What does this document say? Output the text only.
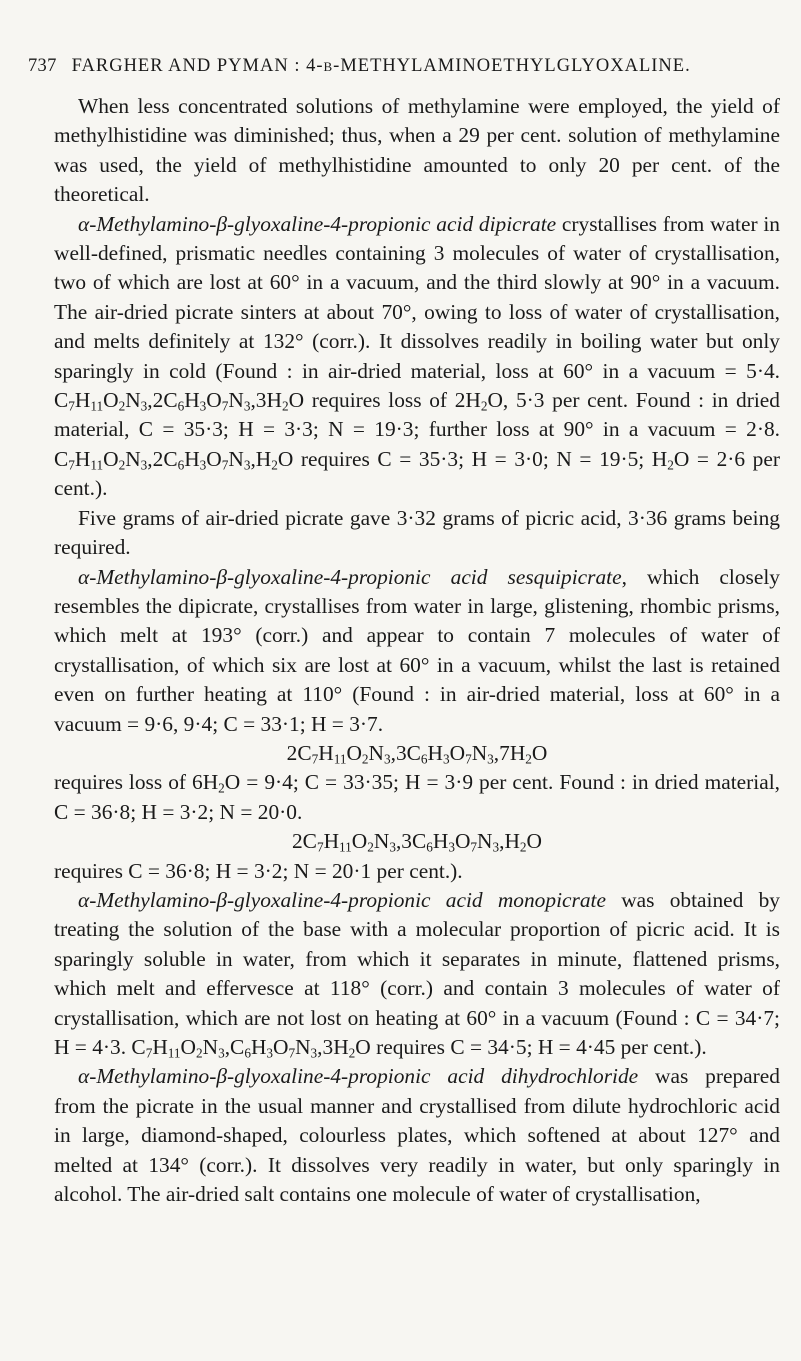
737 FARGHER AND PYMAN : 4-β-METHYLAMINOETHYLGLYOXALINE.

When less concentrated solutions of methylamine were employed, the yield of methylhistidine was diminished; thus, when a 29 per cent. solution of methylamine was used, the yield of methylhistidine amounted to only 20 per cent. of the theoretical.

α-Methylamino-β-glyoxaline-4-propionic acid dipicrate crystallises from water in well-defined, prismatic needles containing 3 molecules of water of crystallisation, two of which are lost at 60° in a vacuum, and the third slowly at 90° in a vacuum. The air-dried picrate sinters at about 70°, owing to loss of water of crystallisation, and melts definitely at 132° (corr.). It dissolves readily in boiling water but only sparingly in cold (Found : in air-dried material, loss at 60° in a vacuum = 5·4. $C_7H_{11}O_2N_3,2C_6H_3O_7N_3,3H_2O$ requires loss of $2H_2O$, 5·3 per cent. Found : in dried material, C = 35·3; H = 3·3; N = 19·3; further loss at 90° in a vacuum = 2·8. $C_7H_{11}O_2N_3,2C_6H_3O_7N_3,H_2O$ requires C = 35·3; H = 3·0; N = 19·5; $H_2O = 2\cdot 6$ per cent.).

Five grams of air-dried picrate gave 3·32 grams of picric acid, 3·36 grams being required.

α-Methylamino-β-glyoxaline-4-propionic acid sesquipicrate, which closely resembles the dipicrate, crystallises from water in large, glistening, rhombic prisms, which melt at 193° (corr.) and appear to contain 7 molecules of water of crystallisation, of which six are lost at 60° in a vacuum, whilst the last is retained even on further heating at 110° (Found : in air-dried material, loss at 60° in a vacuum = 9·6, 9·4; C = 33·1; H = 3·7.

$2C_7H_{11}O_2N_3,3C_6H_3O_7N_3,7H_2O$

requires loss of $6H_2O = 9\cdot 4$; C = 33·35; H = 3·9 per cent. Found : in dried material, C = 36·8; H = 3·2; N = 20·0.

$2C_7H_{11}O_2N_3,3C_6H_3O_7N_3,H_2O$

requires C = 36·8; H = 3·2; N = 20·1 per cent.).

α-Methylamino-β-glyoxaline-4-propionic acid monopicrate was obtained by treating the solution of the base with a molecular proportion of picric acid. It is sparingly soluble in water, from which it separates in minute, flattened prisms, which melt and effervesce at 118° (corr.) and contain 3 molecules of water of crystallisation, which are not lost on heating at 60° in a vacuum (Found : C = 34·7; H = 4·3. $C_7H_{11}O_2N_3,C_6H_3O_7N_3,3H_2O$ requires C = 34·5; H = 4·45 per cent.).

α-Methylamino-β-glyoxaline-4-propionic acid dihydrochloride was prepared from the picrate in the usual manner and crystallised from dilute hydrochloric acid in large, diamond-shaped, colourless plates, which softened at about 127° and melted at 134° (corr.). It dissolves very readily in water, but only sparingly in alcohol. The air-dried salt contains one molecule of water of crystallisation,
